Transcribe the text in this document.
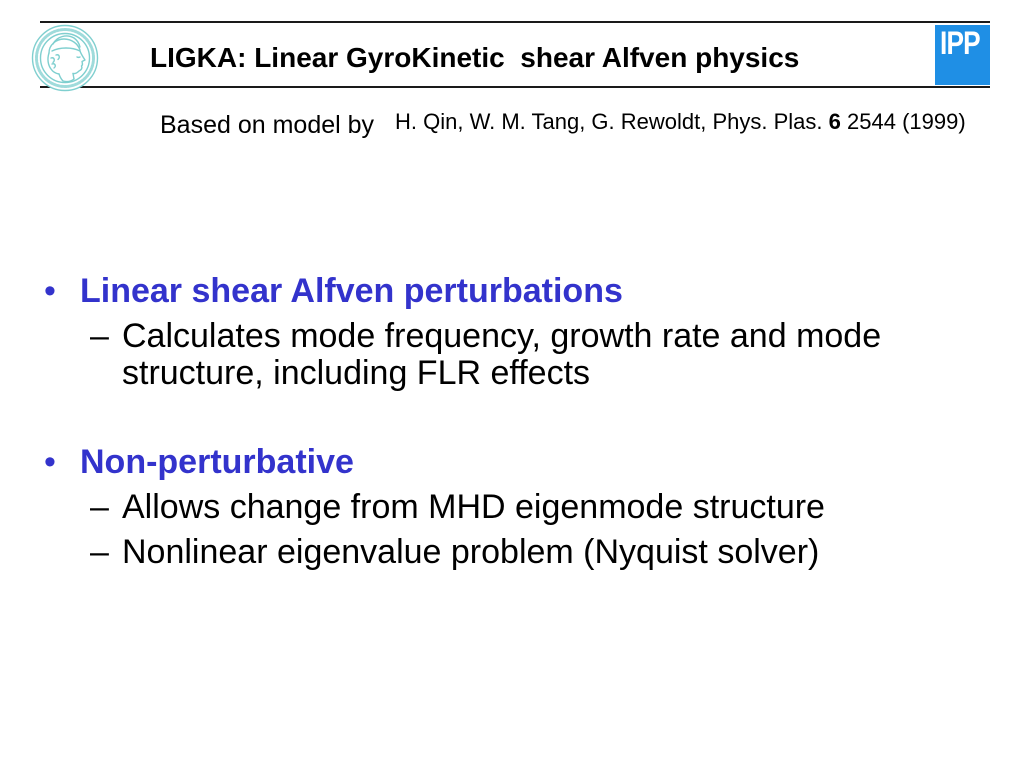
LIGKA: Linear GyroKinetic  shear Alfven physics	IPP
Based on model by H. Qin, W. M. Tang, G. Rewoldt, Phys. Plas. 6 2544 (1999)
• Linear shear Alfven perturbations
– Calculates mode frequency, growth rate and mode structure, including FLR effects
• Non-perturbative
– Allows change from MHD eigenmode structure
– Nonlinear eigenvalue problem (Nyquist solver)
